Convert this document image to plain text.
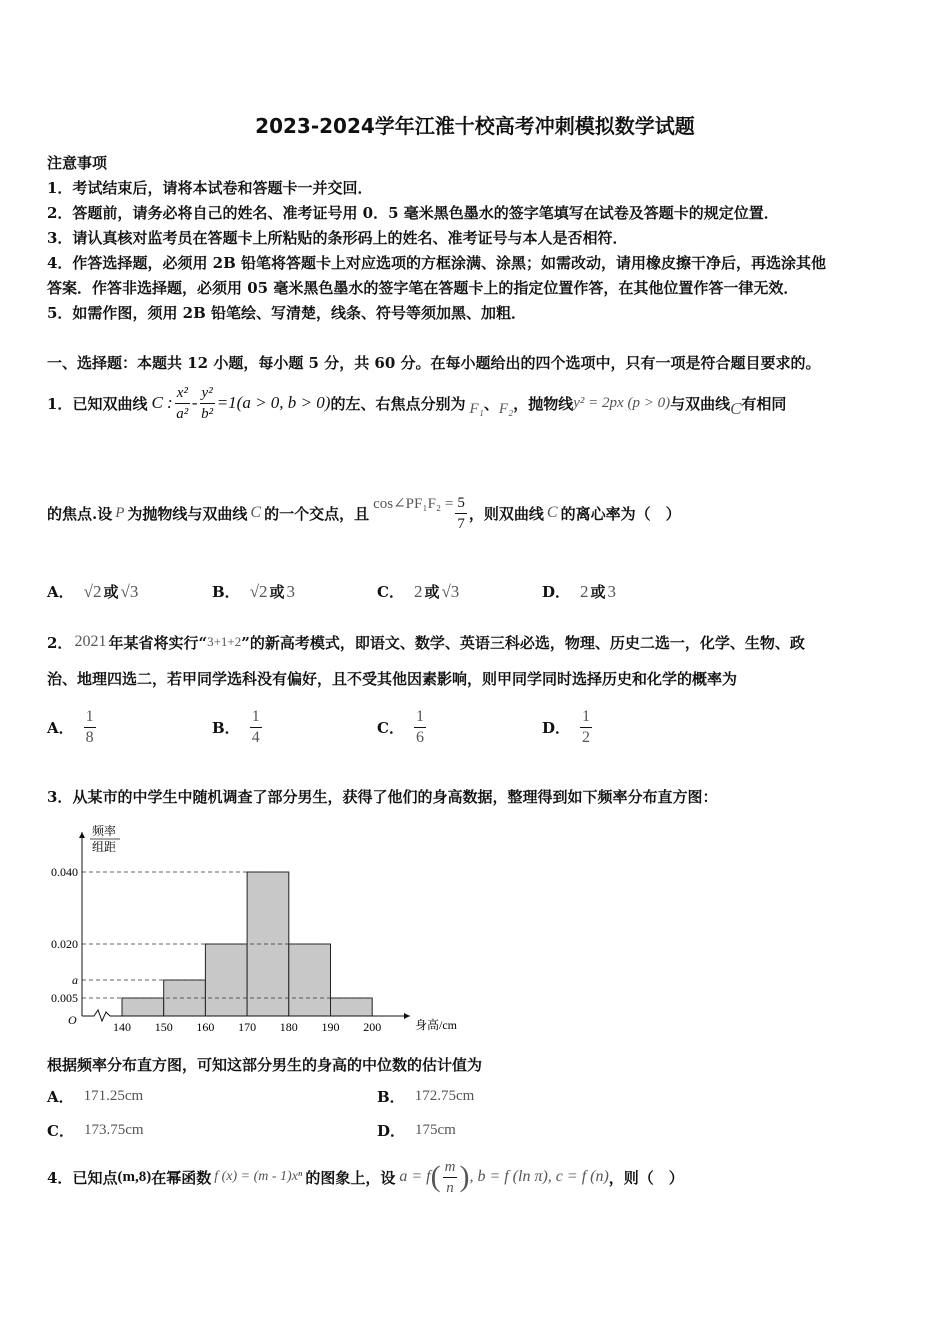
2023-2024学年江淮十校高考冲刺模拟数学试题
注意事项
1．考试结束后，请将本试卷和答题卡一并交回．
2．答题前，请务必将自己的姓名、准考证号用 0．5 毫米黑色墨水的签字笔填写在试卷及答题卡的规定位置．
3．请认真核对监考员在答题卡上所粘贴的条形码上的姓名、准考证号与本人是否相符．
4．作答选择题，必须用 2B 铅笔将答题卡上对应选项的方框涂满、涂黑；如需改动，请用橡皮擦干净后，再选涂其他
答案．作答非选择题，必须用 05 毫米黑色墨水的签字笔在答题卡上的指定位置作答，在其他位置作答一律无效．
5．如需作图，须用 2B 铅笔绘、写清楚，线条、符号等须加黑、加粗．
一、选择题：本题共 12 小题，每小题 5 分，共 60 分。在每小题给出的四个选项中，只有一项是符合题目要求的。
1． 已知双曲线 C : $\frac{\text{x²}}{\text{a²}} - \frac{\text{y²}}{\text{b²}} =1(a > 0$, b > 0) 的左、右焦点分别为 F₁ 、 F₂ ，抛物线 y² = 2px (p > 0) 与双曲线 C 有相同
的焦点.设 P 为抛物线与双曲线 C 的一个交点，且
cos∠PF₁F₂ = $\frac{5}{7}$ ，则双曲线 C 的离心率为（　）
A． √2 或 √3	B． √2 或 3	C． 2 或 √3	D． 2 或 3
2． 2021 年某省将实行“ 3+1+2 ”的新高考模式，即语文、数学、英语三科必选，物理、历史二选一，化学、生物、政
治、地理四选二，若甲同学选科没有偏好，且不受其他因素影响，则甲同学同时选择历史和化学的概率为
A． $\frac{1}{8}$	B． $\frac{1}{4}$	C． $\frac{1}{6}$	D． $\frac{1}{2}$
3． 从某市的中学生中随机调查了部分男生，获得了他们的身高数据，整理得到如下频率分布直方图：
0.040
0.020
a
0.005
140 150 160 170 180 190 200
频率
组距
O	身高/cm
根据频率分布直方图，可知这部分男生的身高的中位数的估计值为
A． 171.25cm	B． 172.75cm
C． 173.75cm	D． 175cm
4． 已知点 (m,8) 在幂函数 f (x) = (m - 1)xⁿ 的图象上，设 a = f ( $\frac{m}{n}$ ) , b = f (ln π), c = f (n) ，则（　）
